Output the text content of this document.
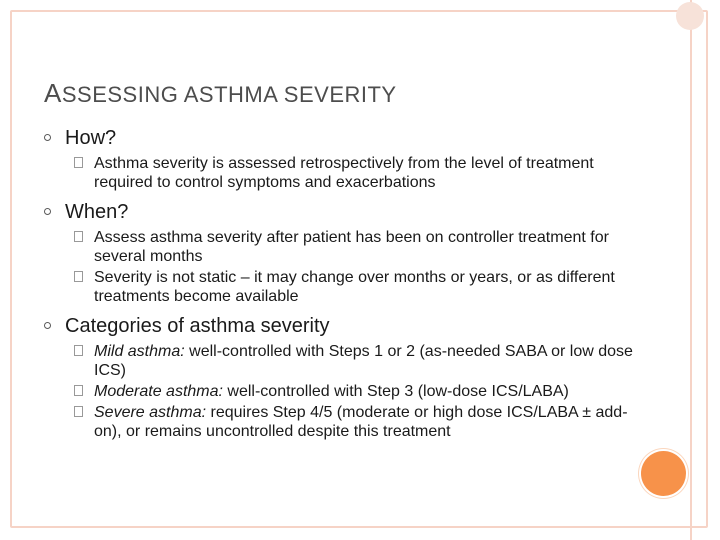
ASSESSING ASTHMA SEVERITY
How?
Asthma severity is assessed retrospectively from the level of treatment required to control symptoms and exacerbations
When?
Assess asthma severity after patient has been on controller treatment for several months
Severity is not static – it may change over months or years, or as different treatments become available
Categories of asthma severity
Mild asthma: well-controlled with Steps 1 or 2 (as-needed SABA or low dose ICS)
Moderate asthma: well-controlled with Step 3 (low-dose ICS/LABA)
Severe asthma: requires Step 4/5 (moderate or high dose ICS/LABA ± add-on), or remains uncontrolled despite this treatment
